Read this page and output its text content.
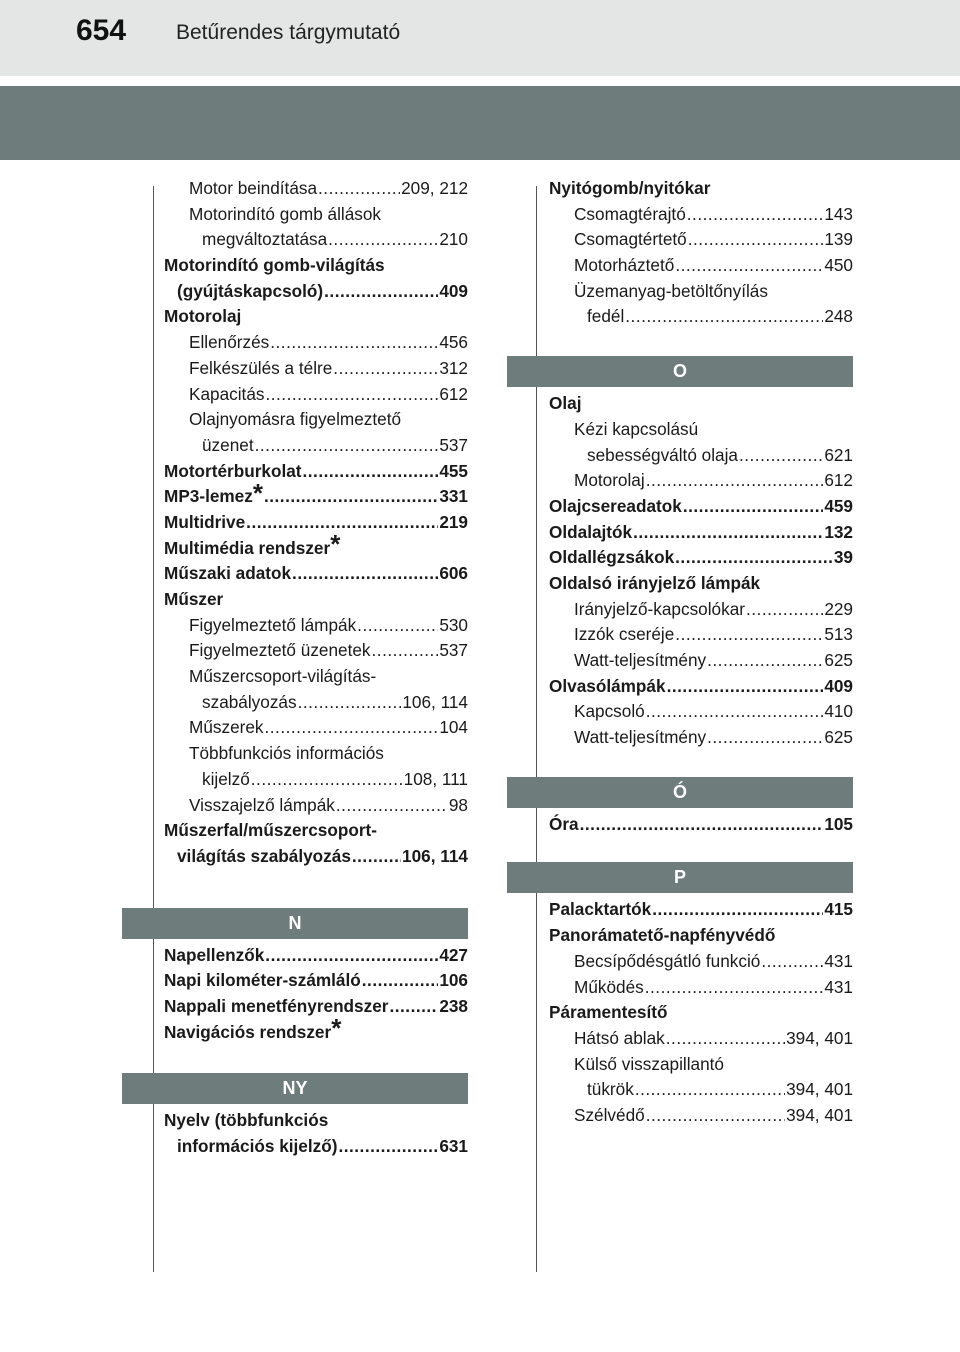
654 Betűrendes tárgymutató
Motor beindítása .....	209, 212
Motorindító gomb állások
megváltoztatása .....	210
Motorindító gomb-világítás
(gyújtáskapcsoló) .....	409
Motorolaj
Ellenőrzés .....	456
Felkészülés a télre .....	312
Kapacitás .....	612
Olajnyomásra figyelmeztető
üzenet .....	537
Motortérburkolat .....	455
MP3-lemez* .....	331
Multidrive .....	219
Multimédia rendszer*
Műszaki adatok .....	606
Műszer
Figyelmeztető lámpák .....	530
Figyelmeztető üzenetek .....	537
Műszercsoport-világítás-
szabályozás .....	106, 114
Műszerek .....	104
Többfunkciós információs
kijelző .....	108, 111
Visszajelző lámpák .....	98
Műszerfal/műszercsoport-
világítás szabályozás .....	106, 114
N
Napellenzők .....	427
Napi kilométer-számláló .....	106
Nappali menetfényrendszer .....	238
Navigációs rendszer*
NY
Nyelv (többfunkciós
információs kijelző) .....	631
Nyitógomb/nyitókar
Csomagtérajtó .....	143
Csomagtértető .....	139
Motorháztető .....	450
Üzemanyag-betöltőnyílás
fedél .....	248
O
Olaj
Kézi kapcsolású
sebességváltó olaja .....	621
Motorolaj .....	612
Olajcsereadatok .....	459
Oldalajtók .....	132
Oldallégzsákok .....	39
Oldalsó irányjelző lámpák
Irányjelző-kapcsolókar .....	229
Izzók cseréje .....	513
Watt-teljesítmény .....	625
Olvasólámpák .....	409
Kapcsoló .....	410
Watt-teljesítmény .....	625
Ó
Óra .....	105
P
Palacktartók .....	415
Panorámatető-napfényvédő
Becsípődésgátló funkció .....	431
Működés .....	431
Páramentesítő
Hátsó ablak .....	394, 401
Külső visszapillantó
tükrök .....	394, 401
Szélvédő .....	394, 401
